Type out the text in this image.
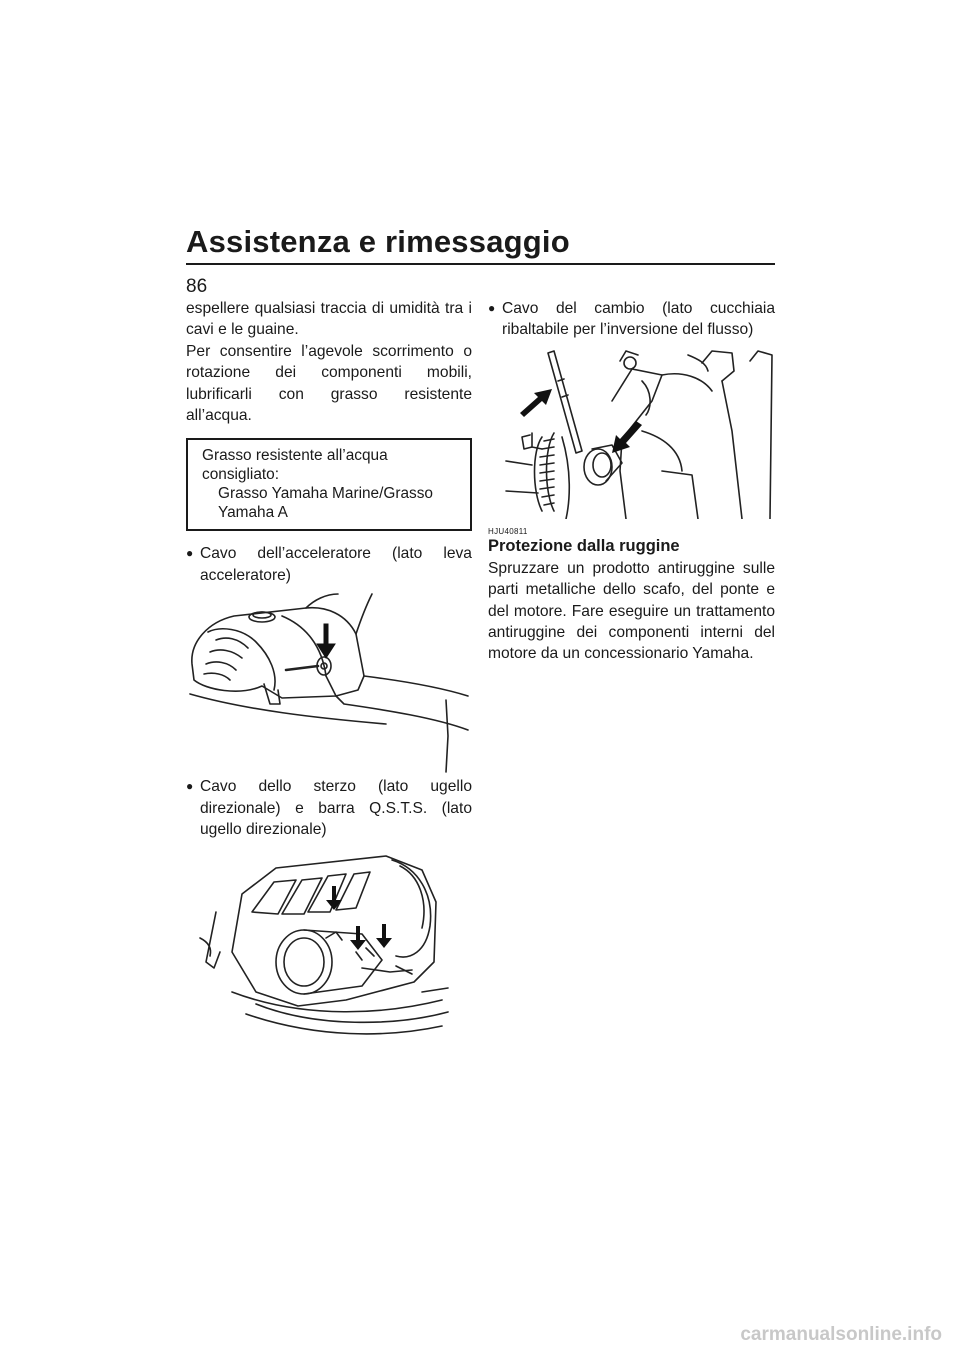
Assistenza e rimessaggio
86

espellere qualsiasi traccia di umidità tra i cavi e le guaine.

Per consentire l’agevole scorrimento o rotazione dei componenti mobili, lubrificarli con grasso resistente all’acqua.

Grasso resistente all’acqua consigliato:
Grasso Yamaha Marine/Grasso Yamaha A
● Cavo dell’acceleratore (lato leva acceleratore)
● Cavo dello sterzo (lato ugello direzionale) e barra Q.S.T.S. (lato ugello direzionale)
● Cavo del cambio (lato cucchiaia ribaltabile per l’inversione del flusso)

HJU40811

Protezione dalla ruggine

Spruzzare un prodotto antiruggine sulle parti metalliche dello scafo, del ponte e del motore. Fare eseguire un trattamento antiruggine dei componenti interni del motore da un concessionario Yamaha.

carmanualsonline.info
